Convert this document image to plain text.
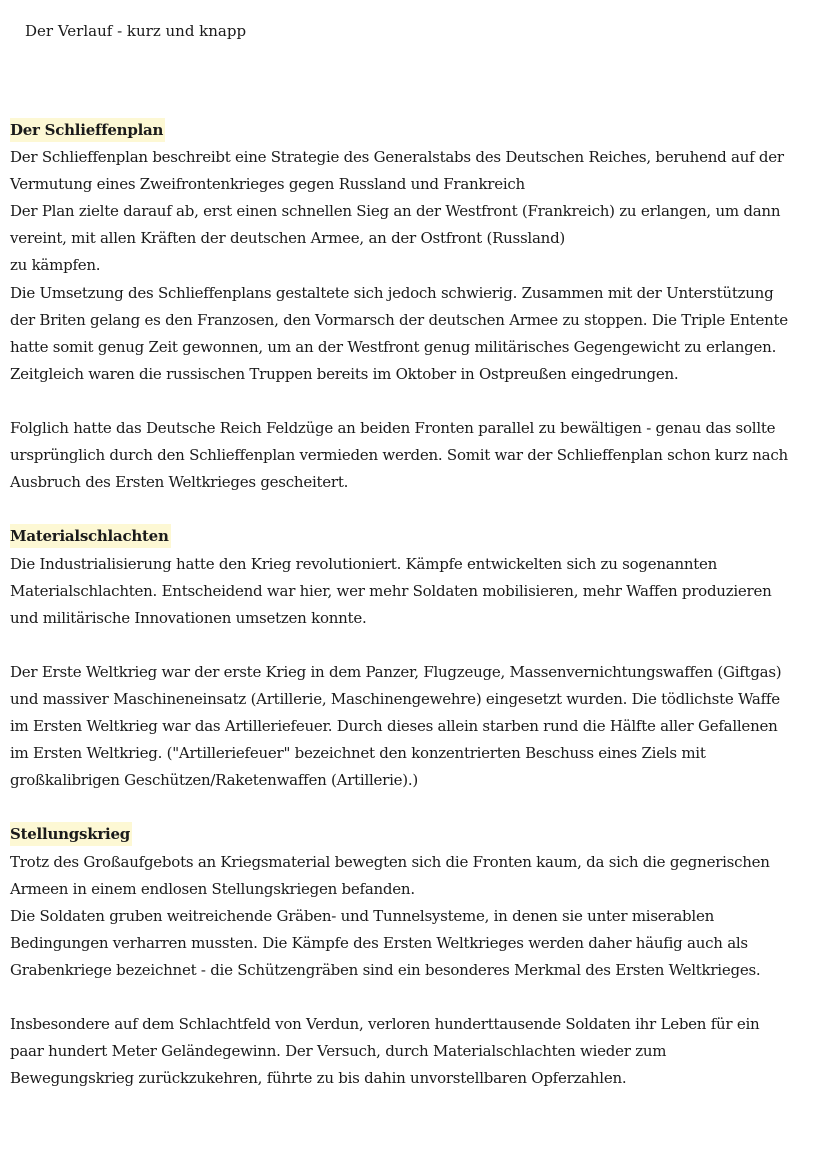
Der Verlauf - kurz und knapp
Der Schlieffenplan
Der Schlieffenplan beschreibt eine Strategie des Generalstabs des Deutschen Reiches, beruhend auf der
Vermutung eines Zweifrontenkrieges gegen Russland und Frankreich
Der Plan zielte darauf ab, erst einen schnellen Sieg an der Westfront (Frankreich) zu erlangen, um dann
vereint, mit allen Kräften der deutschen Armee, an der Ostfront (Russland)
zu kämpfen.
Die Umsetzung des Schlieffenplans gestaltete sich jedoch schwierig. Zusammen mit der Unterstützung
der Briten gelang es den Franzosen, den Vormarsch der deutschen Armee zu stoppen. Die Triple Entente
hatte somit genug Zeit gewonnen, um an der Westfront genug militärisches Gegengewicht zu erlangen.
Zeitgleich waren die russischen Truppen bereits im Oktober in Ostpreußen eingedrungen.
Folglich hatte das Deutsche Reich Feldzüge an beiden Fronten parallel zu bewältigen - genau das sollte
ursprünglich durch den Schlieffenplan vermieden werden. Somit war der Schlieffenplan schon kurz nach
Ausbruch des Ersten Weltkrieges gescheitert.
Materialschlachten
Die Industrialisierung hatte den Krieg revolutioniert. Kämpfe entwickelten sich zu sogenannten
Materialschlachten. Entscheidend war hier, wer mehr Soldaten mobilisieren, mehr Waffen produzieren
und militärische Innovationen umsetzen konnte.
Der Erste Weltkrieg war der erste Krieg in dem Panzer, Flugzeuge, Massenvernichtungswaffen (Giftgas)
und massiver Maschineneinsatz (Artillerie, Maschinengewehre) eingesetzt wurden. Die tödlichste Waffe
im Ersten Weltkrieg war das Artilleriefeuer. Durch dieses allein starben rund die Hälfte aller Gefallenen
im Ersten Weltkrieg. ("Artilleriefeuer" bezeichnet den konzentrierten Beschuss eines Ziels mit
großkalibrigen Geschützen/Raketenwaffen (Artillerie).)
Stellungskrieg
Trotz des Großaufgebots an Kriegsmaterial bewegten sich die Fronten kaum, da sich die gegnerischen
Armeen in einem endlosen Stellungskriegen befanden.
Die Soldaten gruben weitreichende Gräben- und Tunnelsysteme, in denen sie unter miserablen
Bedingungen verharren mussten. Die Kämpfe des Ersten Weltkrieges werden daher häufig auch als
Grabenkriege bezeichnet - die Schützengräben sind ein besonderes Merkmal des Ersten Weltkrieges.
Insbesondere auf dem Schlachtfeld von Verdun, verloren hunderttausende Soldaten ihr Leben für ein
paar hundert Meter Geländegewinn. Der Versuch, durch Materialschlachten wieder zum
Bewegungskrieg zurückzukehren, führte zu bis dahin unvorstellbaren Opferzahlen.
